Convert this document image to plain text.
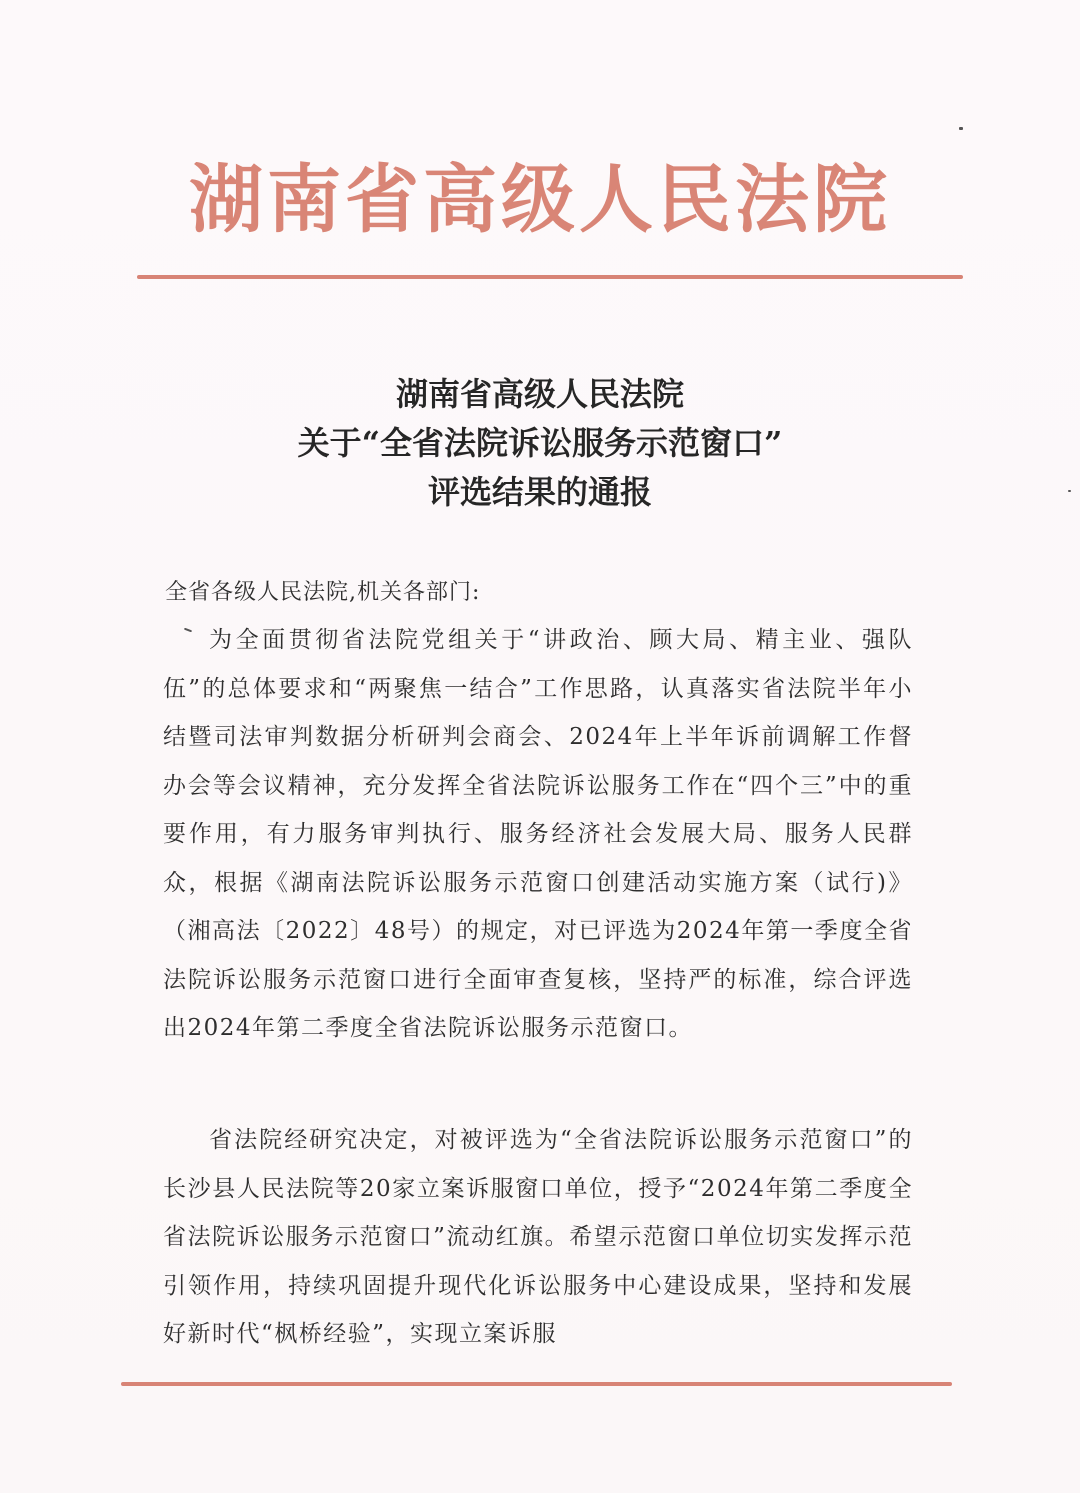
湖南省高级人民法院
湖南省高级人民法院
关于“全省法院诉讼服务示范窗口”
评选结果的通报
全省各级人民法院,机关各部门:
为全面贯彻省法院党组关于“讲政治、顾大局、精主业、强队伍”的总体要求和“两聚焦一结合”工作思路，认真落实省法院半年小结暨司法审判数据分析研判会商会、2024年上半年诉前调解工作督办会等会议精神，充分发挥全省法院诉讼服务工作在“四个三”中的重要作用，有力服务审判执行、服务经济社会发展大局、服务人民群众，根据《湖南法院诉讼服务示范窗口创建活动实施方案（试行)》（湘高法〔2022〕48号）的规定，对已评选为2024年第一季度全省法院诉讼服务示范窗口进行全面审查复核，坚持严的标准，综合评选出2024年第二季度全省法院诉讼服务示范窗口。
省法院经研究决定，对被评选为“全省法院诉讼服务示范窗口”的长沙县人民法院等20家立案诉服窗口单位，授予“2024年第二季度全省法院诉讼服务示范窗口”流动红旗。希望示范窗口单位切实发挥示范引领作用，持续巩固提升现代化诉讼服务中心建设成果，坚持和发展好新时代“枫桥经验”，实现立案诉服
